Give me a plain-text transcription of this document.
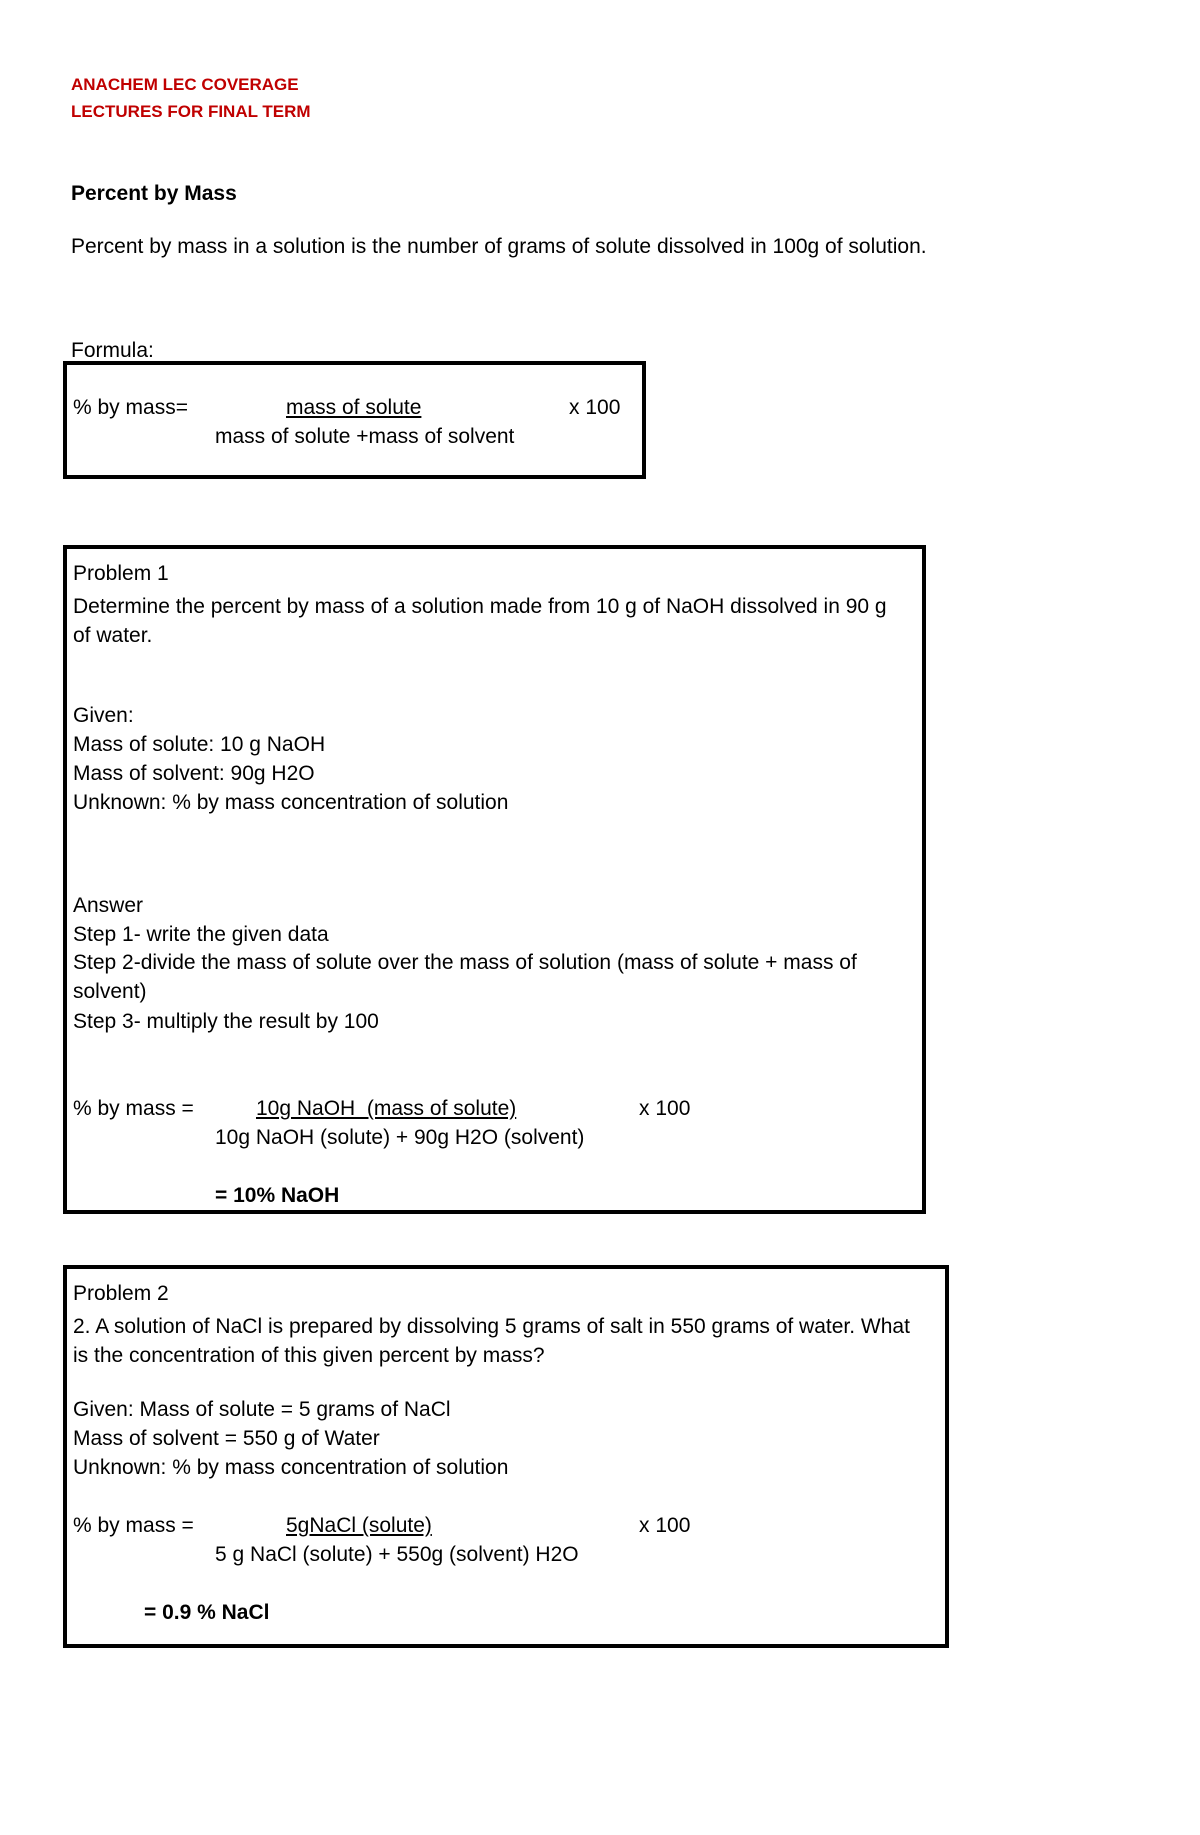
ANACHEM LEC COVERAGE
LECTURES FOR FINAL TERM
Percent by Mass
Percent by mass in a solution is the number of grams of solute dissolved in 100g of solution.
Formula:
% by mass=	mass of solute
mass of solute +mass of solvent
x 100
Problem 1
Determine the percent by mass of a solution made from 10 g of NaOH dissolved in 90 g of water.
Given:
Mass of solute: 10 g NaOH
Mass of solvent: 90g H2O
Unknown: % by mass concentration of solution
Answer
Step 1- write the given data
Step 2-divide the mass of solute over the mass of solution (mass of solute + mass of solvent)
Step 3- multiply the result by 100
% by mass =	10g NaOH  (mass of solute)
10g NaOH (solute) + 90g H2O (solvent)
x 100
= 10% NaOH
Problem 2
2. A solution of NaCl is prepared by dissolving 5 grams of salt in 550 grams of water. What is the concentration of this given percent by mass?
Given: Mass of solute = 5 grams of NaCl
Mass of solvent = 550 g of Water
Unknown: % by mass concentration of solution
% by mass =	5gNaCl (solute)
5 g NaCl (solute) + 550g (solvent) H2O
x 100
= 0.9 % NaCl
